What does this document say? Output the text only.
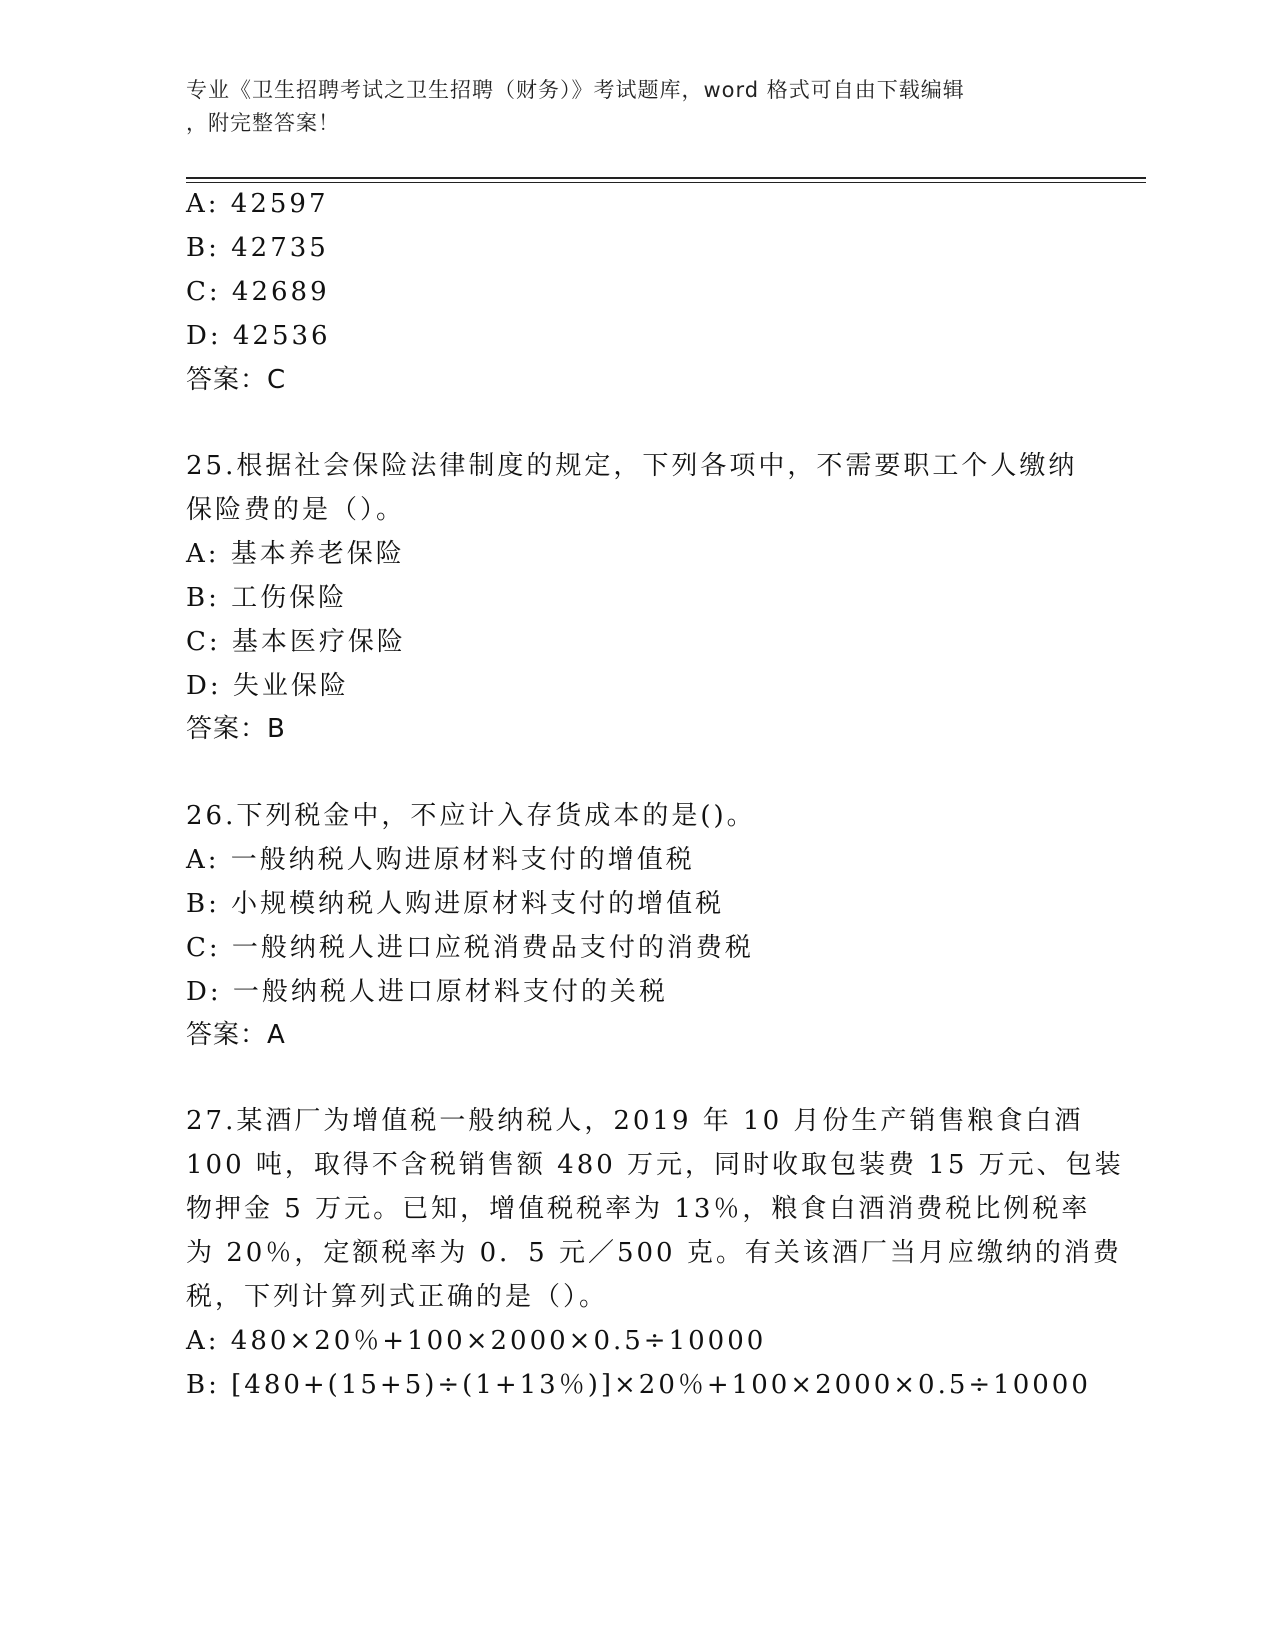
专业《卫生招聘考试之卫生招聘（财务）》考试题库，word 格式可自由下载编辑
，附完整答案！
A: 42597
B: 42735
C: 42689
D: 42536
答案：C
25.根据社会保险法律制度的规定，下列各项中，不需要职工个人缴纳
保险费的是（）。
A: 基本养老保险
B: 工伤保险
C: 基本医疗保险
D: 失业保险
答案：B
26.下列税金中，不应计入存货成本的是()。
A: 一般纳税人购进原材料支付的增值税
B: 小规模纳税人购进原材料支付的增值税
C: 一般纳税人进口应税消费品支付的消费税
D: 一般纳税人进口原材料支付的关税
答案：A
27.某酒厂为增值税一般纳税人，2019 年 10 月份生产销售粮食白酒
100 吨，取得不含税销售额 480 万元，同时收取包装费 15 万元、包装
物押金 5 万元。已知，增值税税率为 13％，粮食白酒消费税比例税率
为 20％，定额税率为 0．5 元／500 克。有关该酒厂当月应缴纳的消费
税，下列计算列式正确的是（）。
A: 480×20％+100×2000×0.5÷10000
B: [480+(15+5)÷(1+13％)]×20％+100×2000×0.5÷10000
